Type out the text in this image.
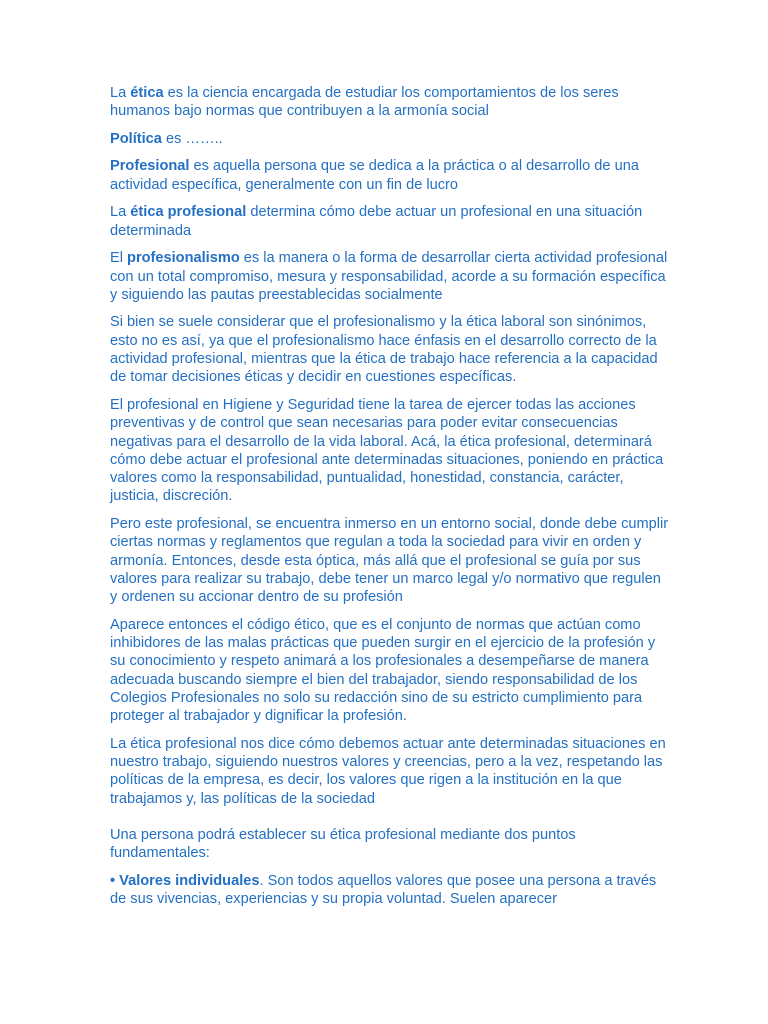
La ética es la ciencia encargada de estudiar los comportamientos de los seres humanos bajo normas que contribuyen a la armonía social

Política es ……..

Profesional es aquella persona que se dedica a la práctica o al desarrollo de una actividad específica, generalmente con un fin de lucro

La ética profesional determina cómo debe actuar un profesional en una situación determinada

El profesionalismo es la manera o la forma de desarrollar cierta actividad profesional con un total compromiso, mesura y responsabilidad, acorde a su formación específica y siguiendo las pautas preestablecidas socialmente

Si bien se suele considerar que el profesionalismo y la ética laboral son sinónimos, esto no es así, ya que el profesionalismo hace énfasis en el desarrollo correcto de la actividad profesional, mientras que la ética de trabajo hace referencia a la capacidad de tomar decisiones éticas y decidir en cuestiones específicas.

El profesional en Higiene y Seguridad tiene la tarea de ejercer todas las acciones preventivas y de control que sean necesarias para poder evitar consecuencias negativas para el desarrollo de la vida laboral. Acá, la ética profesional, determinará cómo debe actuar el profesional ante determinadas situaciones, poniendo en práctica valores como la responsabilidad, puntualidad, honestidad, constancia, carácter, justicia, discreción.

Pero este profesional, se encuentra inmerso en un entorno social, donde debe cumplir ciertas normas y reglamentos que regulan a toda la sociedad para vivir en orden y armonía. Entonces, desde esta óptica, más allá que el profesional se guía por sus valores para realizar su trabajo, debe tener un marco legal y/o normativo que regulen y ordenen su accionar dentro de su profesión

Aparece entonces el código ético, que es el conjunto de normas que actúan como inhibidores de las malas prácticas que pueden surgir en el ejercicio de la profesión y su conocimiento y respeto animará a los profesionales a desempeñarse de manera adecuada buscando siempre el bien del trabajador, siendo responsabilidad de los Colegios Profesionales no solo su redacción sino de su estricto cumplimiento para proteger al trabajador y dignificar la profesión.

La ética profesional nos dice cómo debemos actuar ante determinadas situaciones en nuestro trabajo, siguiendo nuestros valores y creencias, pero a la vez, respetando las políticas de la empresa, es decir, los valores que rigen a la institución en la que trabajamos y, las políticas de la sociedad

Una persona podrá establecer su ética profesional mediante dos puntos fundamentales:

• Valores individuales. Son todos aquellos valores que posee una persona a través de sus vivencias, experiencias y su propia voluntad. Suelen aparecer
